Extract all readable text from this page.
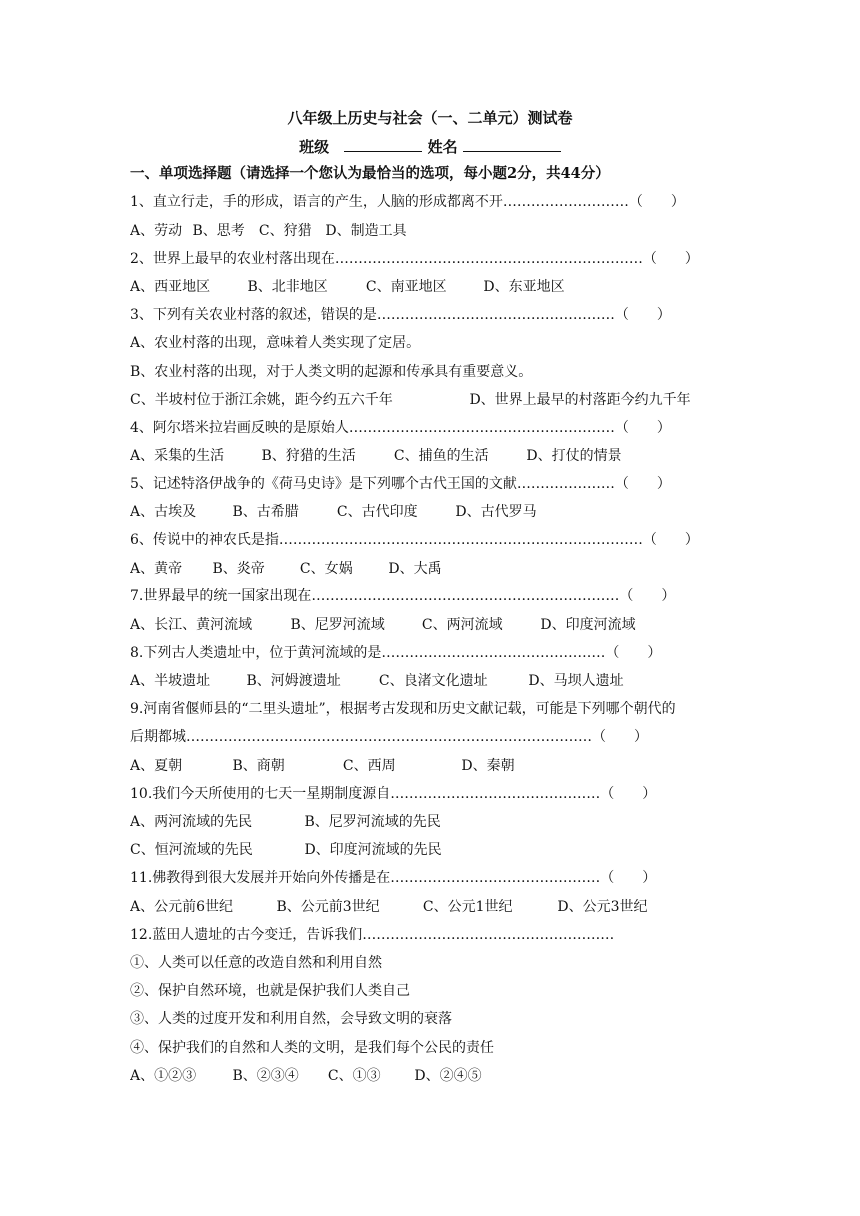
八年级上历史与社会（一、二单元）测试卷
班级	姓名
一、单项选择题（请选择一个您认为最恰当的选项，每小题2分，共44分）
1、直立行走，手的形成，语言的产生，人脑的形成都离不开………………………（　　）
A、劳动 B、思考 C、狩猎 D、制造工具
2、世界上最早的农业村落出现在…………………………………………………………（　　）
A、西亚地区	B、北非地区	C、南亚地区	D、东亚地区
3、下列有关农业村落的叙述，错误的是……………………………………………（　　）
A、农业村落的出现，意味着人类实现了定居。
B、农业村落的出现，对于人类文明的起源和传承具有重要意义。
C、半坡村位于浙江余姚，距今约五六千年	D、世界上最早的村落距今约九千年
4、阿尔塔米拉岩画反映的是原始人…………………………………………………（　　）
A、采集的生活	B、狩猎的生活	C、捕鱼的生活	D、打仗的情景
5、记述特洛伊战争的《荷马史诗》是下列哪个古代王国的文献…………………（　　）
A、古埃及	B、古希腊	C、古代印度	D、古代罗马
6、传说中的神农氏是指……………………………………………………………………（　　）
A、黄帝 B、炎帝	C、女娲	D、大禹
7.世界最早的统一国家出现在…………………………………………………………（　　）
A、长江、黄河流域	B、尼罗河流域	C、两河流域	D、印度河流域
8.下列古人类遗址中，位于黄河流域的是…………………………………………（　　）
A、半坡遗址	B、河姆渡遗址	C、良渚文化遗址	D、马坝人遗址
9.河南省偃师县的“二里头遗址”，根据考古发现和历史文献记载，可能是下列哪个朝代的
后期都城……………………………………………………………………………（　　）
A、夏朝	B、商朝	C、西周	D、秦朝
10.我们今天所使用的七天一星期制度源自………………………………………（　　）
A、两河流域的先民	B、尼罗河流域的先民
C、恒河流域的先民	D、印度河流域的先民
11.佛教得到很大发展并开始向外传播是在………………………………………（　　）
A、公元前6世纪	B、公元前3世纪	C、公元1世纪	D、公元3世纪
12.蓝田人遗址的古今变迁，告诉我们………………………………………………
①、人类可以任意的改造自然和利用自然
②、保护自然环境，也就是保护我们人类自己
③、人类的过度开发和利用自然，会导致文明的衰落
④、保护我们的自然和人类的文明，是我们每个公民的责任
A、①②③	B、②③④ C、①③ D、②④⑤
